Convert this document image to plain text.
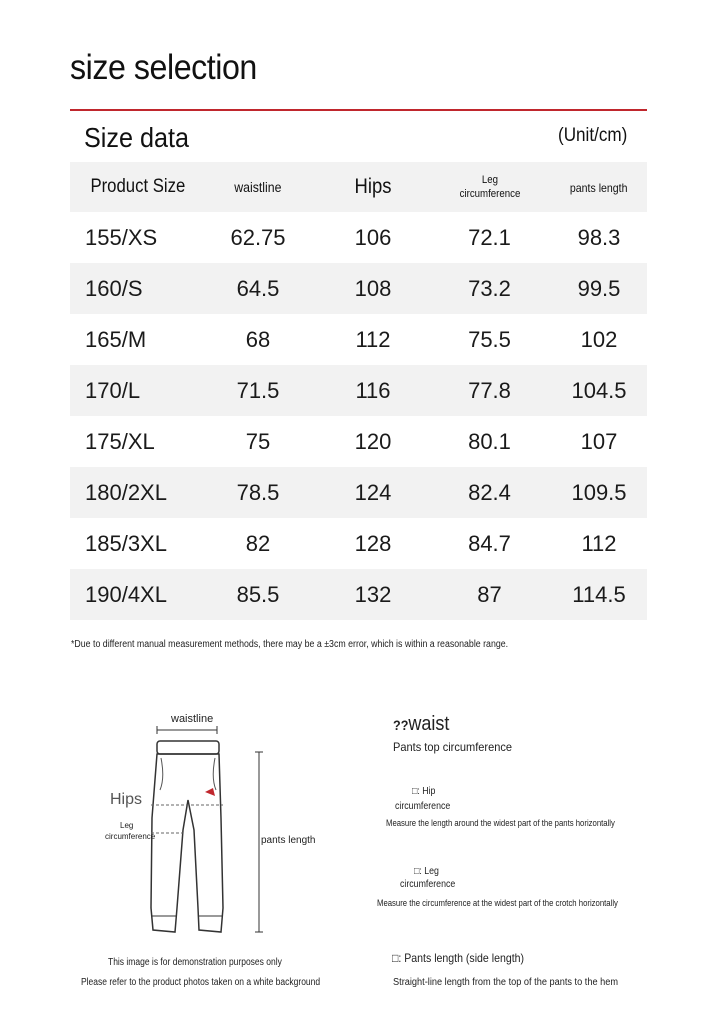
size selection
Size data	(Unit/cm)
Product Size	waistline	Hips	Leg circumference	pants length
155/XS	62.75	106	72.1	98.3
160/S	64.5	108	73.2	99.5
165/M	68	112	75.5	102
170/L	71.5	116	77.8	104.5
175/XL	75	120	80.1	107
180/2XL	78.5	124	82.4	109.5
185/3XL	82	128	84.7	112
190/4XL	85.5	132	87	114.5
*Due to different manual measurement methods, there may be a ±3cm error, which is within a reasonable range.
waistline
Hips
Leg
circumference	pants length
This image is for demonstration purposes only
Please refer to the product photos taken on a white background
??waist
Pants top circumference
□: Hip
circumference
Measure the length around the widest part of the pants horizontally
□: Leg
circumference
Measure the circumference at the widest part of the crotch horizontally
□: Pants length (side length)
Straight-line length from the top of the pants to the hem
